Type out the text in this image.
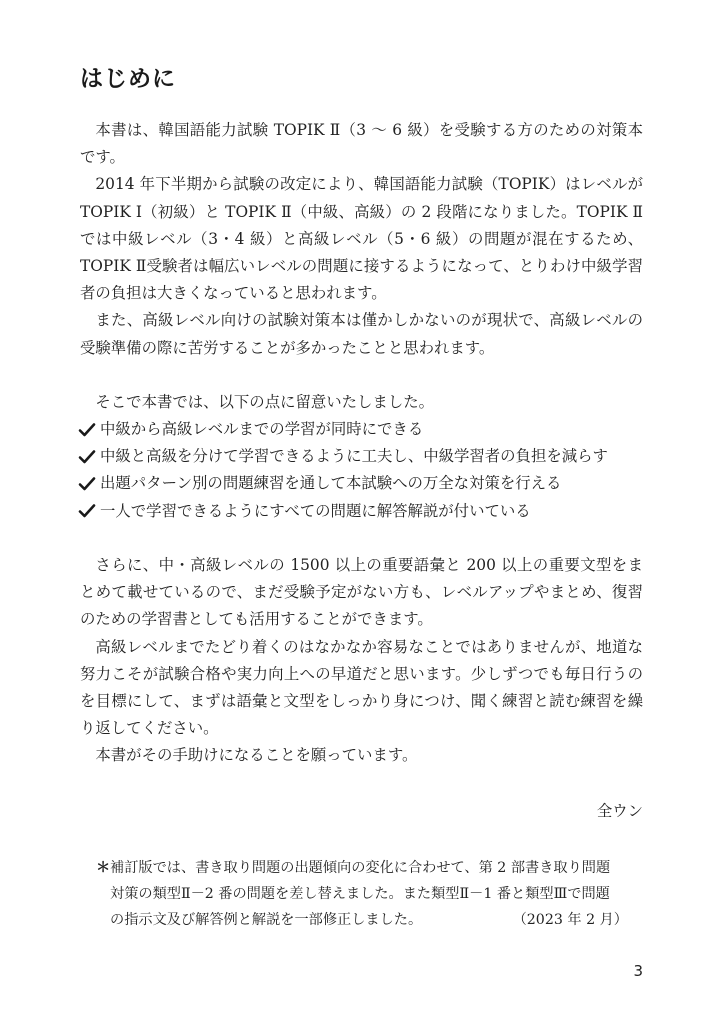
はじめに

本書は、韓国語能力試験 TOPIK Ⅱ（3 〜 6 級）を受験する方のための対策本です。

2014 年下半期から試験の改定により、韓国語能力試験（TOPIK）はレベルが TOPIK Ⅰ（初級）と TOPIK Ⅱ（中級、高級）の 2 段階になりました。TOPIK Ⅱでは中級レベル（3・4 級）と高級レベル（5・6 級）の問題が混在するため、TOPIK Ⅱ受験者は幅広いレベルの問題に接するようになって、とりわけ中級学習者の負担は大きくなっていると思われます。

また、高級レベル向けの試験対策本は僅かしかないのが現状で、高級レベルの受験準備の際に苦労することが多かったことと思われます。

そこで本書では、以下の点に留意いたしました。

中級から高級レベルまでの学習が同時にできる
中級と高級を分けて学習できるように工夫し、中級学習者の負担を減らす
出題パターン別の問題練習を通して本試験への万全な対策を行える
一人で学習できるようにすべての問題に解答解説が付いている

さらに、中・高級レベルの 1500 以上の重要語彙と 200 以上の重要文型をまとめて載せているので、まだ受験予定がない方も、レベルアップやまとめ、復習のための学習書としても活用することができます。

高級レベルまでたどり着くのはなかなか容易なことではありませんが、地道な努力こそが試験合格や実力向上への早道だと思います。少しずつでも毎日行うのを目標にして、まずは語彙と文型をしっかり身につけ、聞く練習と読む練習を繰り返してください。

本書がその手助けになることを願っています。

全ウン
＊ 補訂版では、書き取り問題の出題傾向の変化に合わせて、第 2 部書き取り問題
対策の類型Ⅱ－2 番の問題を差し替えました。また類型Ⅱ－1 番と類型Ⅲで問題
の指示文及び解答例と解説を一部修正しました。	（2023 年 2 月）
3
